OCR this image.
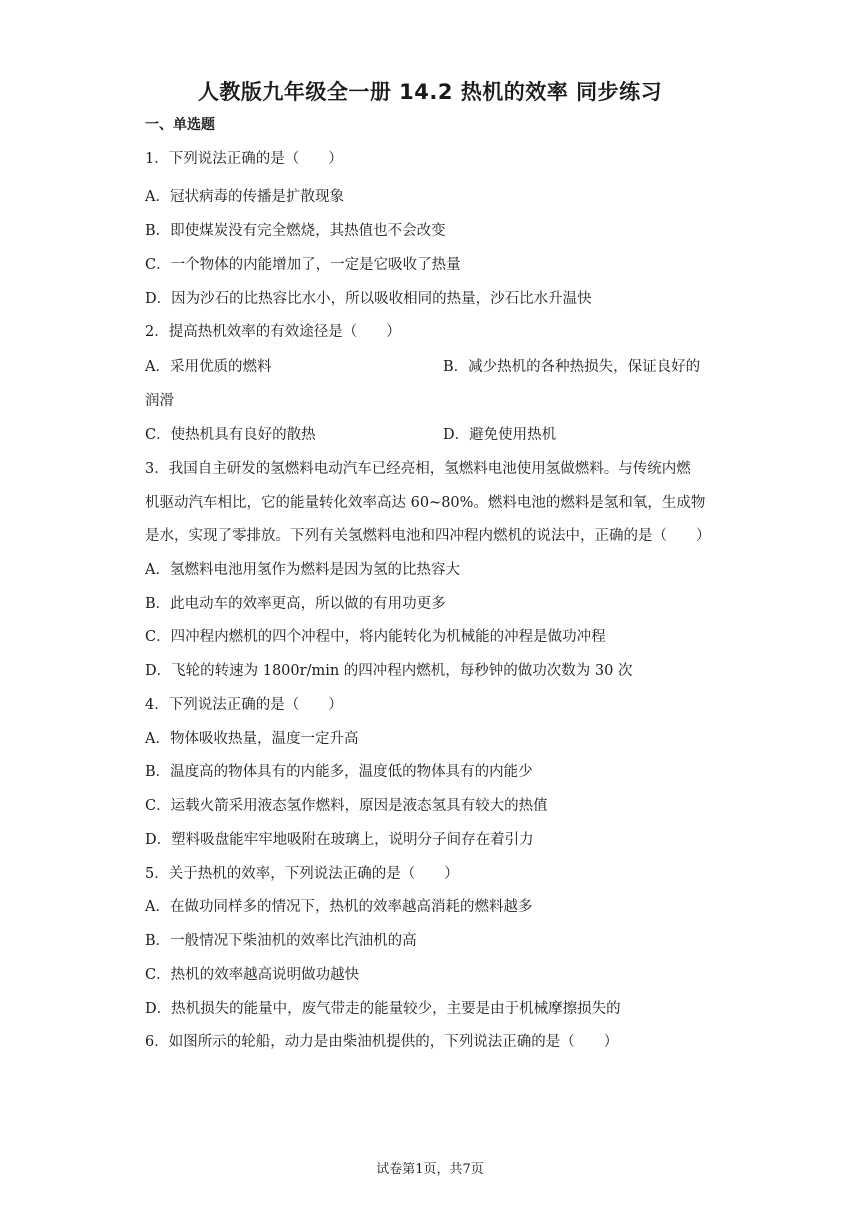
人教版九年级全一册 14.2 热机的效率 同步练习
一、单选题
1．下列说法正确的是（　　）
A．冠状病毒的传播是扩散现象
B．即使煤炭没有完全燃烧，其热值也不会改变
C．一个物体的内能增加了，一定是它吸收了热量
D．因为沙石的比热容比水小，所以吸收相同的热量，沙石比水升温快
2．提高热机效率的有效途径是（　　）
A．采用优质的燃料	B．减少热机的各种热损失，保证良好的
润滑
C．使热机具有良好的散热	D．避免使用热机
3．我国自主研发的氢燃料电动汽车已经亮相，氢燃料电池使用氢做燃料。与传统内燃
机驱动汽车相比，它的能量转化效率高达 60~80%。燃料电池的燃料是氢和氧，生成物
是水，实现了零排放。下列有关氢燃料电池和四冲程内燃机的说法中，正确的是（　　）
A．氢燃料电池用氢作为燃料是因为氢的比热容大
B．此电动车的效率更高，所以做的有用功更多
C．四冲程内燃机的四个冲程中，将内能转化为机械能的冲程是做功冲程
D．飞轮的转速为 1800r/min 的四冲程内燃机，每秒钟的做功次数为 30 次
4．下列说法正确的是（　　）
A．物体吸收热量，温度一定升高
B．温度高的物体具有的内能多，温度低的物体具有的内能少
C．运载火箭采用液态氢作燃料，原因是液态氢具有较大的热值
D．塑料吸盘能牢牢地吸附在玻璃上，说明分子间存在着引力
5．关于热机的效率，下列说法正确的是（　　）
A．在做功同样多的情况下，热机的效率越高消耗的燃料越多
B．一般情况下柴油机的效率比汽油机的高
C．热机的效率越高说明做功越快
D．热机损失的能量中，废气带走的能量较少，主要是由于机械摩擦损失的
6．如图所示的轮船，动力是由柴油机提供的，下列说法正确的是（　　）
试卷第1页，共7页
